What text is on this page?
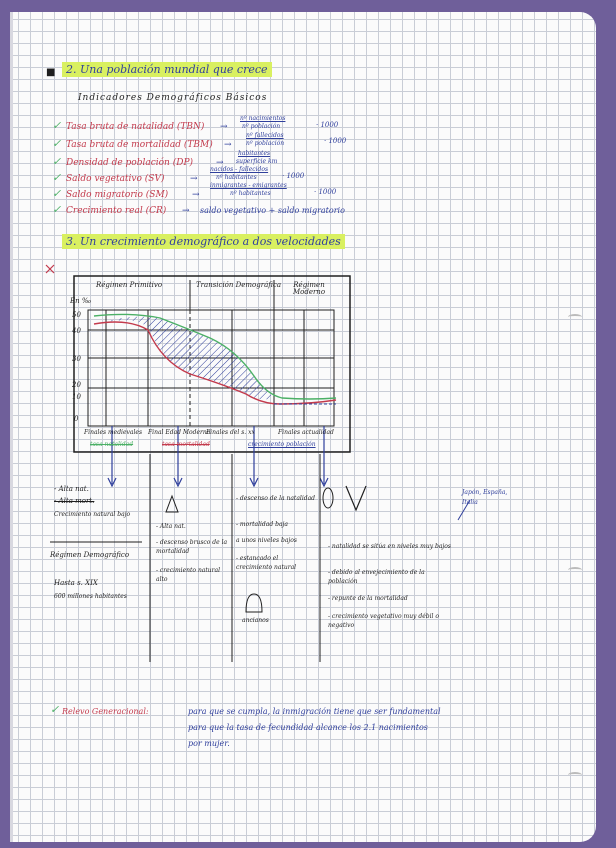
■ 2. Una población mundial que crece
Indicadores Demográficos Básicos
✓ Tasa bruta de natalidad (TBN) →
nº nacimientos
nº población	· 1000
✓ Tasa bruta de mortalidad (TBM) →
nº fallecidos
nº población	· 1000
✓ Densidad de población (DP)	→
habitantes
superficie km
✓ Saldo vegetativo (SV)	→
nacidos - fallecidos
nº habitantes	· 1000
✓ Saldo migratorio (SM)	→
inmigrantes - emigrantes
nº habitantes	· 1000
✓ Crecimiento real (CR) → saldo vegetativo + saldo migratorio
3. Un crecimiento demográfico a dos velocidades
Régimen Primitivo	Transición Demográfica	Régimen Moderno
En ‰
50
40
30
20
10
0
Finales medievales Final Edad Moderna
Finales del s. xx	Finales actualidad
tasa natalidad	tasa mortalidad	crecimiento población
- Alta nat.
- Alta mort.
Crecimiento natural bajo
Régimen Demográfico
Hasta s. XIX
600 millones habitantes
- Alta nat.
- descenso brusco de la mortalidad
- crecimiento natural alto
- descenso de la natalidad
- mortalidad baja
a unos niveles bajos
- estancado el crecimiento natural
ancianos
- natalidad se sitúa en niveles muy bajos
- debido al envejecimiento de la población
- repunte de la mortalidad
- crecimiento vegetativo muy débil o negativo
Japón, España,
Italia
✓ Relevo Generacional:	para que se cumpla, la inmigración tiene que ser fundamental
para que la tasa de fecundidad alcance los 2.1 nacimientos
por mujer.
